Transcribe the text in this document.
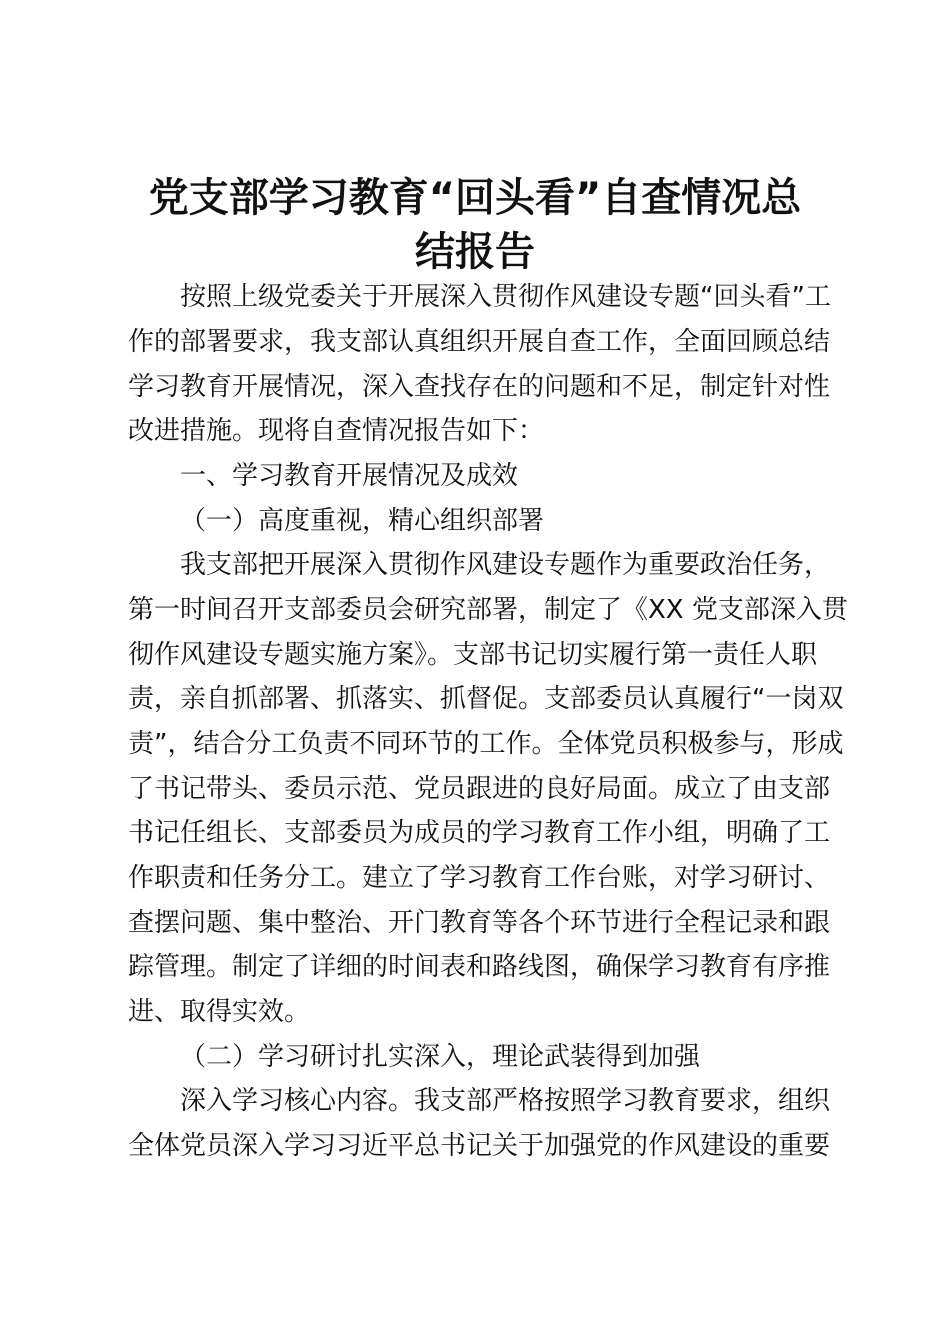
党支部学习教育“回头看”自查情况总
结报告
按照上级党委关于开展深入贯彻作风建设专题“回头看”工
作的部署要求，我支部认真组织开展自查工作，全面回顾总结
学习教育开展情况，深入查找存在的问题和不足，制定针对性
改进措施。现将自查情况报告如下：
一、学习教育开展情况及成效
（一）高度重视，精心组织部署
我支部把开展深入贯彻作风建设专题作为重要政治任务，
第一时间召开支部委员会研究部署，制定了《XX 党支部深入贯
彻作风建设专题实施方案》。支部书记切实履行第一责任人职
责，亲自抓部署、抓落实、抓督促。支部委员认真履行“一岗双
责”，结合分工负责不同环节的工作。全体党员积极参与，形成
了书记带头、委员示范、党员跟进的良好局面。成立了由支部
书记任组长、支部委员为成员的学习教育工作小组，明确了工
作职责和任务分工。建立了学习教育工作台账，对学习研讨、
查摆问题、集中整治、开门教育等各个环节进行全程记录和跟
踪管理。制定了详细的时间表和路线图，确保学习教育有序推
进、取得实效。
（二）学习研讨扎实深入，理论武装得到加强
深入学习核心内容。我支部严格按照学习教育要求，组织
全体党员深入学习习近平总书记关于加强党的作风建设的重要
